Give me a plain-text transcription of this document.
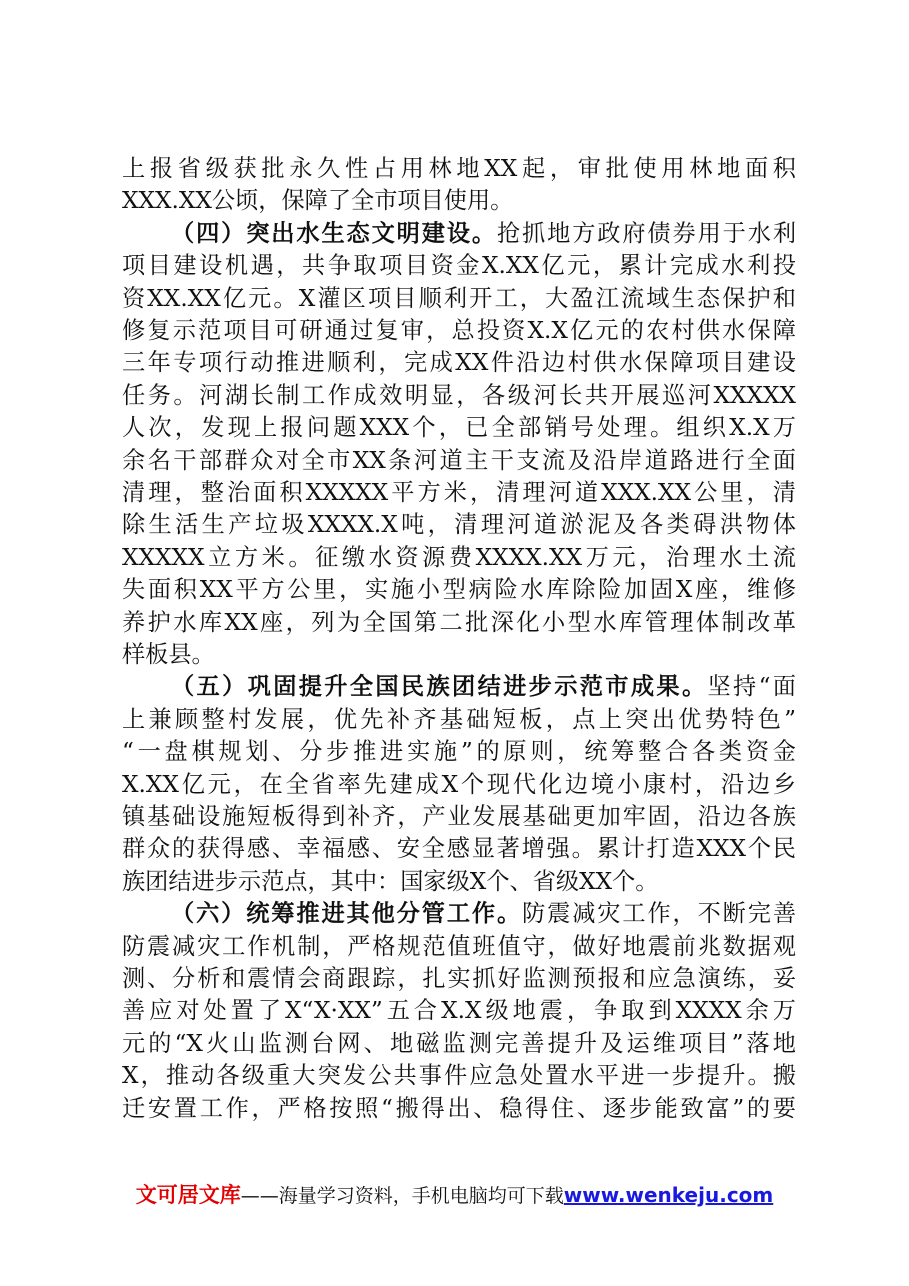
上报省级获批永久性占用林地XX起，审批使用林地面积
XXX.XX公顷，保障了全市项目使用。
（四）突出水生态文明建设。抢抓地方政府债券用于水利
项目建设机遇，共争取项目资金X.XX亿元，累计完成水利投
资XX.XX亿元。X灌区项目顺利开工，大盈江流域生态保护和
修复示范项目可研通过复审，总投资X.X亿元的农村供水保障
三年专项行动推进顺利，完成XX件沿边村供水保障项目建设
任务。河湖长制工作成效明显，各级河长共开展巡河XXXXX
人次，发现上报问题XXX个，已全部销号处理。组织X.X万
余名干部群众对全市XX条河道主干支流及沿岸道路进行全面
清理，整治面积XXXXX平方米，清理河道XXX.XX公里，清
除生活生产垃圾XXXX.X吨，清理河道淤泥及各类碍洪物体
XXXXX立方米。征缴水资源费XXXX.XX万元，治理水土流
失面积XX平方公里，实施小型病险水库除险加固X座，维修
养护水库XX座，列为全国第二批深化小型水库管理体制改革
样板县。
（五）巩固提升全国民族团结进步示范市成果。坚持“面
上兼顾整村发展，优先补齐基础短板，点上突出优势特色”
“一盘棋规划、分步推进实施”的原则，统筹整合各类资金
X.XX亿元，在全省率先建成X个现代化边境小康村，沿边乡
镇基础设施短板得到补齐，产业发展基础更加牢固，沿边各族
群众的获得感、幸福感、安全感显著增强。累计打造XXX个民
族团结进步示范点，其中：国家级X个、省级XX个。
（六）统筹推进其他分管工作。防震减灾工作，不断完善
防震减灾工作机制，严格规范值班值守，做好地震前兆数据观
测、分析和震情会商跟踪，扎实抓好监测预报和应急演练，妥
善应对处置了X“X·XX”五合X.X级地震，争取到XXXX余万
元的“X火山监测台网、地磁监测完善提升及运维项目”落地
X，推动各级重大突发公共事件应急处置水平进一步提升。搬
迁安置工作，严格按照“搬得出、稳得住、逐步能致富”的要
文可居文库——海量学习资料，手机电脑均可下载www.wenkeju.com
